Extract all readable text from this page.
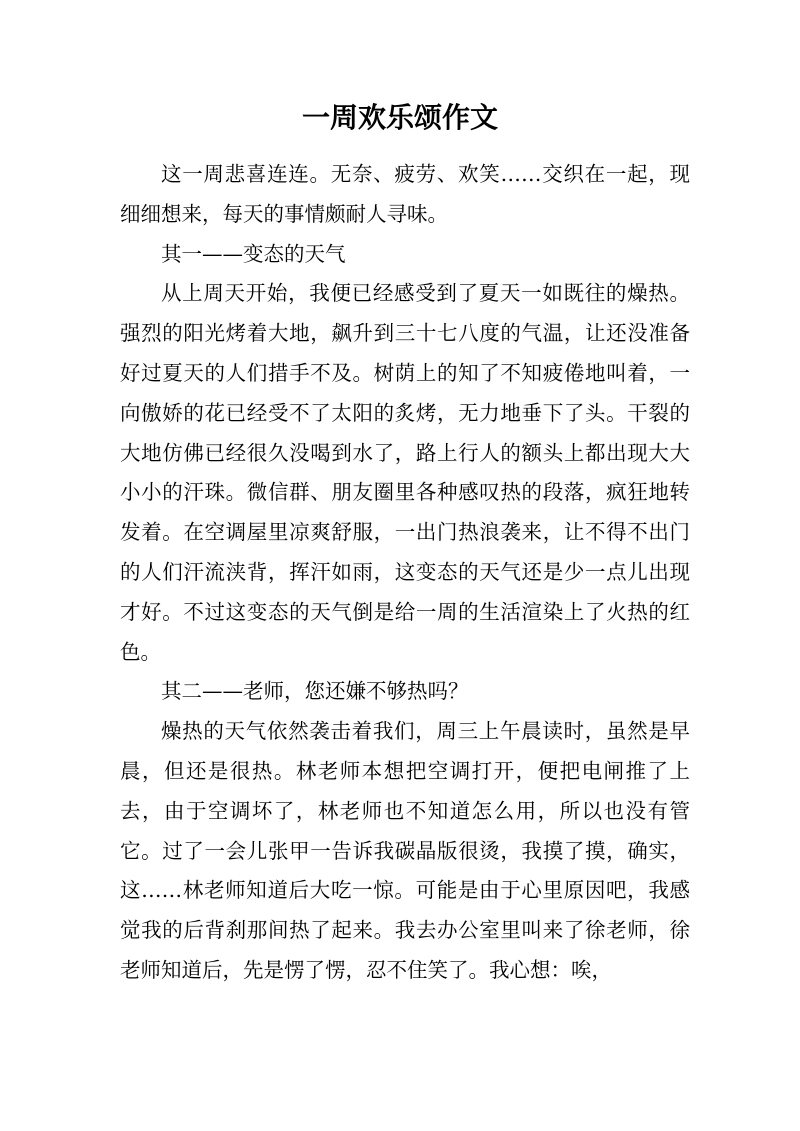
一周欢乐颂作文

这一周悲喜连连。无奈、疲劳、欢笑……交织在一起，现细细想来，每天的事情颇耐人寻味。

其一——变态的天气

从上周天开始，我便已经感受到了夏天一如既往的燥热。强烈的阳光烤着大地，飙升到三十七八度的气温，让还没准备好过夏天的人们措手不及。树荫上的知了不知疲倦地叫着，一向傲娇的花已经受不了太阳的炙烤，无力地垂下了头。干裂的大地仿佛已经很久没喝到水了，路上行人的额头上都出现大大小小的汗珠。微信群、朋友圈里各种感叹热的段落，疯狂地转发着。在空调屋里凉爽舒服，一出门热浪袭来，让不得不出门的人们汗流浃背，挥汗如雨，这变态的天气还是少一点儿出现才好。不过这变态的天气倒是给一周的生活渲染上了火热的红色。

其二——老师，您还嫌不够热吗？

燥热的天气依然袭击着我们，周三上午晨读时，虽然是早晨，但还是很热。林老师本想把空调打开，便把电闸推了上去，由于空调坏了，林老师也不知道怎么用，所以也没有管它。过了一会儿张甲一告诉我碳晶版很烫，我摸了摸，确实，这……林老师知道后大吃一惊。可能是由于心里原因吧，我感觉我的后背刹那间热了起来。我去办公室里叫来了徐老师，徐老师知道后，先是愣了愣，忍不住笑了。我心想：唉，
